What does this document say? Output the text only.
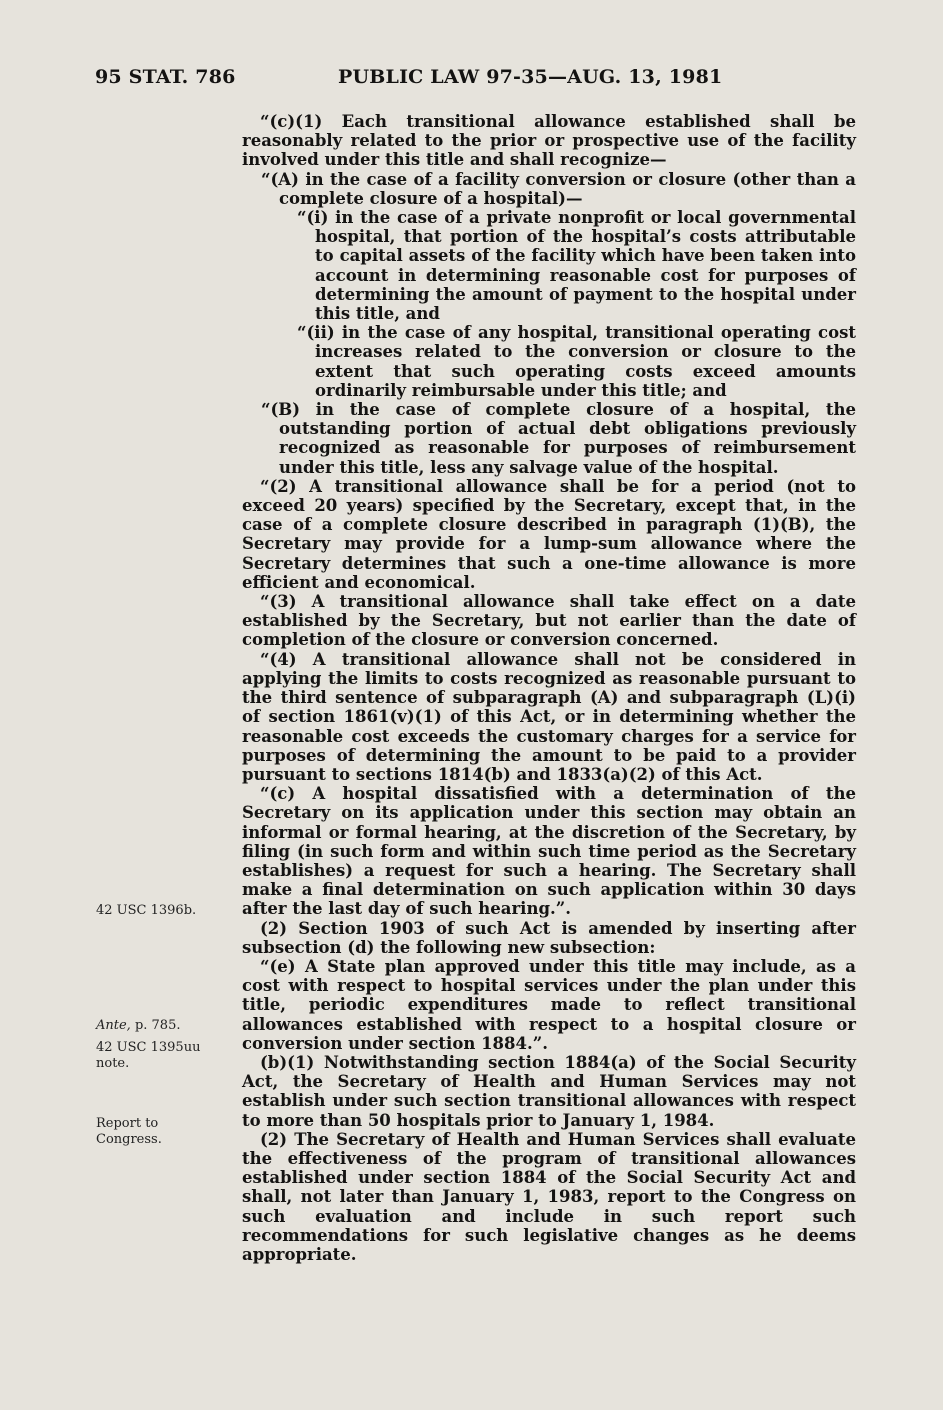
95 STAT. 786	PUBLIC LAW 97-35—AUG. 13, 1981

“(c)(1) Each transitional allowance established shall be reasonably related to the prior or prospective use of the facility involved under this title and shall recognize—

“(A) in the case of a facility conversion or closure (other than a complete closure of a hospital)—

“(i) in the case of a private nonprofit or local governmental hospital, that portion of the hospital’s costs attributable to capital assets of the facility which have been taken into account in determining reasonable cost for purposes of determining the amount of payment to the hospital under this title, and

“(ii) in the case of any hospital, transitional operating cost increases related to the conversion or closure to the extent that such operating costs exceed amounts ordinarily reimbursable under this title; and

“(B) in the case of complete closure of a hospital, the outstanding portion of actual debt obligations previously recognized as reasonable for purposes of reimbursement under this title, less any salvage value of the hospital.

“(2) A transitional allowance shall be for a period (not to exceed 20 years) specified by the Secretary, except that, in the case of a complete closure described in paragraph (1)(B), the Secretary may provide for a lump-sum allowance where the Secretary determines that such a one-time allowance is more efficient and economical.

“(3) A transitional allowance shall take effect on a date established by the Secretary, but not earlier than the date of completion of the closure or conversion concerned.

“(4) A transitional allowance shall not be considered in applying the limits to costs recognized as reasonable pursuant to the third sentence of subparagraph (A) and subparagraph (L)(i) of section 1861(v)(1) of this Act, or in determining whether the reasonable cost exceeds the customary charges for a service for purposes of determining the amount to be paid to a provider pursuant to sections 1814(b) and 1833(a)(2) of this Act.

“(c) A hospital dissatisfied with a determination of the Secretary on its application under this section may obtain an informal or formal hearing, at the discretion of the Secretary, by filing (in such form and within such time period as the Secretary establishes) a request for such a hearing. The Secretary shall make a final determination on such application within 30 days after the last day of such hearing.”.

(2) Section 1903 of such Act is amended by inserting after subsection (d) the following new subsection:

“(e) A State plan approved under this title may include, as a cost with respect to hospital services under the plan under this title, periodic expenditures made to reflect transitional allowances established with respect to a hospital closure or conversion under section 1884.”.

(b)(1) Notwithstanding section 1884(a) of the Social Security Act, the Secretary of Health and Human Services may not establish under such section transitional allowances with respect to more than 50 hospitals prior to January 1, 1984.

(2) The Secretary of Health and Human Services shall evaluate the effectiveness of the program of transitional allowances established under section 1884 of the Social Security Act and shall, not later than January 1, 1983, report to the Congress on such evaluation and include in such report such recommendations for such legislative changes as he deems appropriate.

42 USC 1396b.
Ante, p. 785.
42 USC 1395uu
note.
Report to
Congress.
